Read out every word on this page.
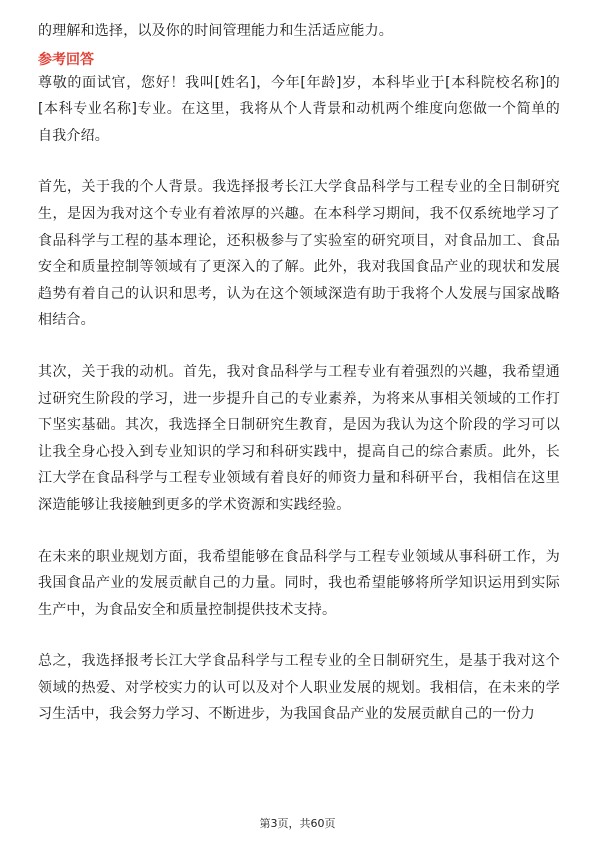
的理解和选择，以及你的时间管理能力和生活适应能力。

参考回答

尊敬的面试官，您好！我叫[姓名]，今年[年龄]岁，本科毕业于[本科院校名称]的[本科专业名称]专业。在这里，我将从个人背景和动机两个维度向您做一个简单的自我介绍。

首先，关于我的个人背景。我选择报考长江大学食品科学与工程专业的全日制研究生，是因为我对这个专业有着浓厚的兴趣。在本科学习期间，我不仅系统地学习了食品科学与工程的基本理论，还积极参与了实验室的研究项目，对食品加工、食品安全和质量控制等领域有了更深入的了解。此外，我对我国食品产业的现状和发展趋势有着自己的认识和思考，认为在这个领域深造有助于我将个人发展与国家战略相结合。

其次，关于我的动机。首先，我对食品科学与工程专业有着强烈的兴趣，我希望通过研究生阶段的学习，进一步提升自己的专业素养，为将来从事相关领域的工作打下坚实基础。其次，我选择全日制研究生教育，是因为我认为这个阶段的学习可以让我全身心投入到专业知识的学习和科研实践中，提高自己的综合素质。此外，长江大学在食品科学与工程专业领域有着良好的师资力量和科研平台，我相信在这里深造能够让我接触到更多的学术资源和实践经验。

在未来的职业规划方面，我希望能够在食品科学与工程专业领域从事科研工作，为我国食品产业的发展贡献自己的力量。同时，我也希望能够将所学知识运用到实际生产中，为食品安全和质量控制提供技术支持。

总之，我选择报考长江大学食品科学与工程专业的全日制研究生，是基于我对这个领域的热爱、对学校实力的认可以及对个人职业发展的规划。我相信，在未来的学习生活中，我会努力学习、不断进步，为我国食品产业的发展贡献自己的一份力

第3页，共60页
